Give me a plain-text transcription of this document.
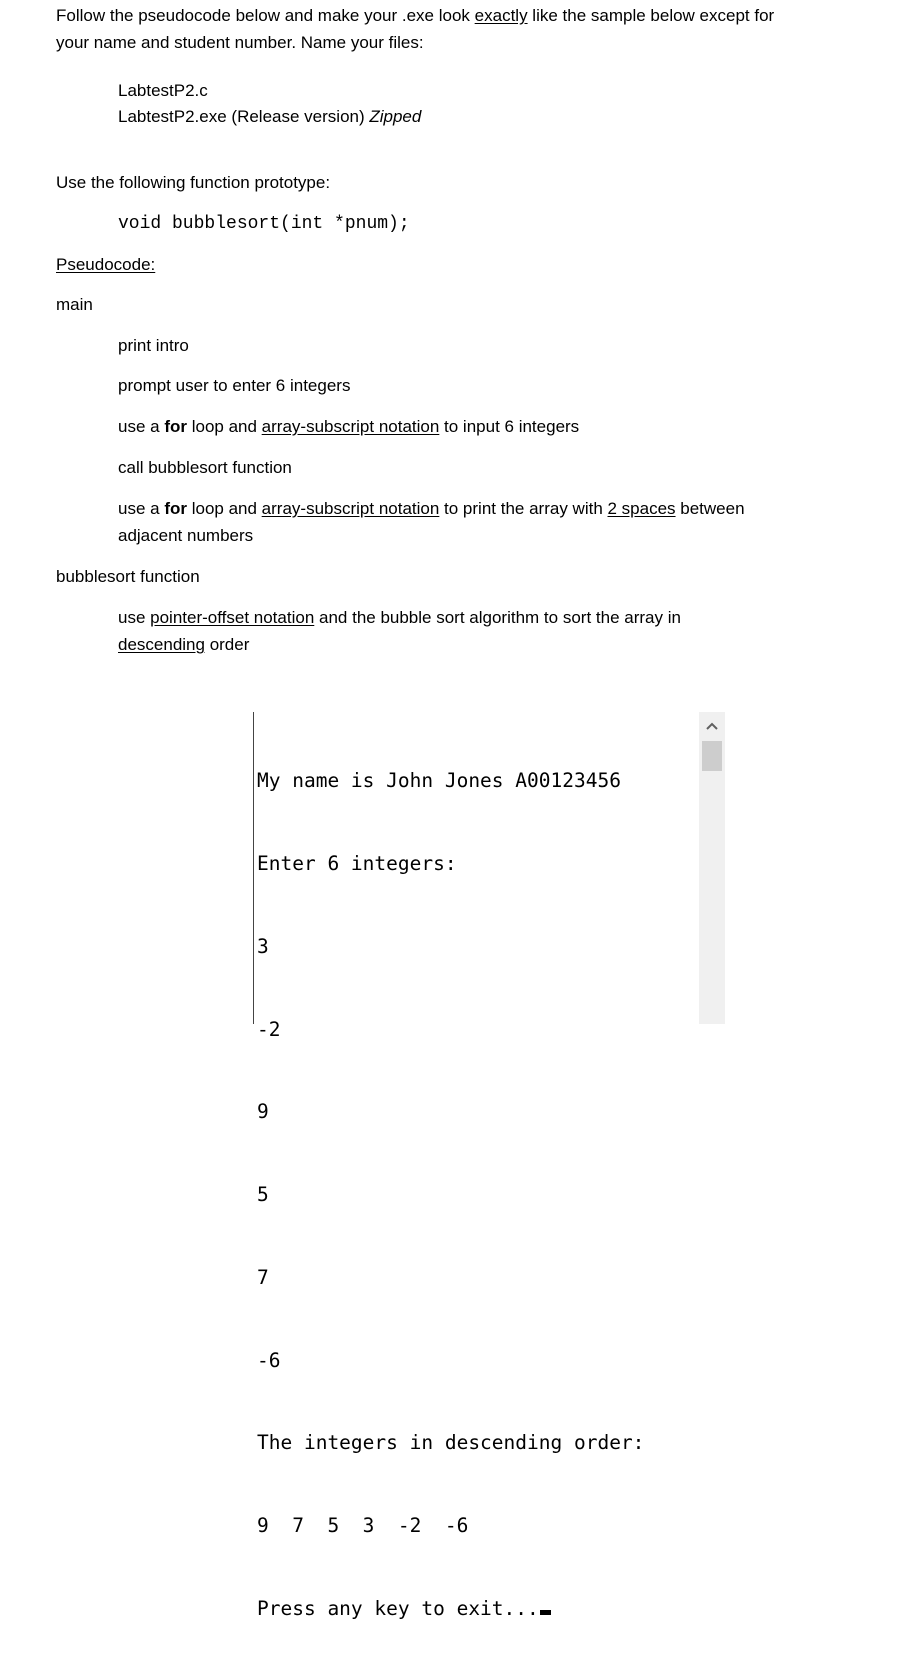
Follow the pseudocode below and make your .exe look exactly like the sample below except for
your name and student number. Name your files:
LabtestP2.c
LabtestP2.exe (Release version) Zipped
Use the following function prototype:
void bubblesort(int *pnum);
Pseudocode:
main
print intro
prompt user to enter 6 integers
use a for loop and array-subscript notation to input 6 integers
call bubblesort function
use a for loop and array-subscript notation to print the array with 2 spaces between
adjacent numbers
bubblesort function
use pointer-offset notation and the bubble sort algorithm to sort the array in
descending order

My name is John Jones A00123456

Enter 6 integers:

3

-2

9

5

7

-6

The integers in descending order:

9  7  5  3  -2  -6

Press any key to exit...
